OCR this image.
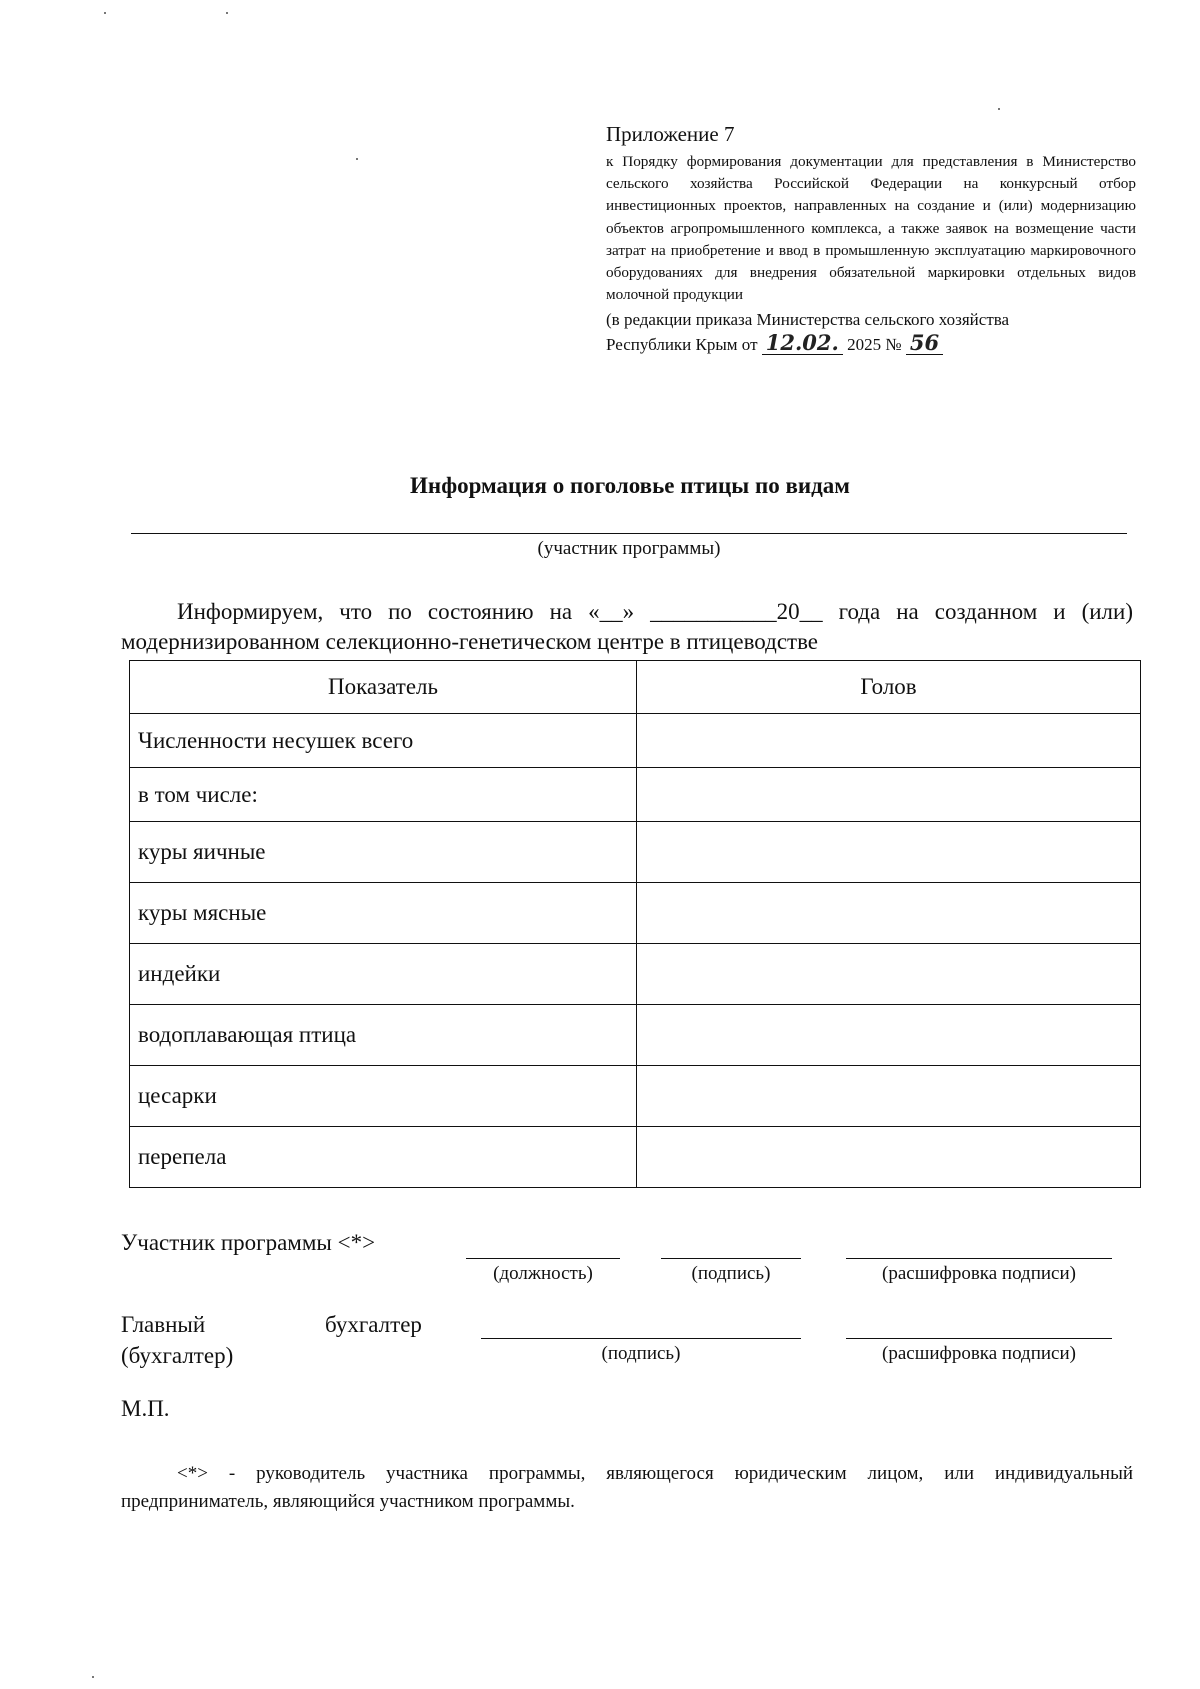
Приложение 7

к Порядку формирования документации для представления в Министерство сельского хозяйства Российской Федерации на конкурсный отбор инвестиционных проектов, направленных на создание и (или) модернизацию объектов агропромышленного комплекса, а также заявок на возмещение части затрат на приобретение и ввод в промышленную эксплуатацию маркировочного оборудованиях для внедрения обязательной маркировки отдельных видов молочной продукции

(в редакции приказа Министерства сельского хозяйства
Республики Крым от 12.02. 2025 № 56
Информация о поголовье птицы по видам
(участник программы)

Информируем, что по состоянию на «__» ___________20__ года на созданном и (или) модернизированном селекционно-генетическом центре в птицеводстве

Показатель	Голов
Численности несушек всего	
в том числе:	
куры яичные	
куры мясные	
индейки	
водоплавающая птица	
цесарки	
перепела	
Участник программы <*>
(должность)	(подпись)	(расшифровка подписи)
Главный	бухгалтер
(бухгалтер)	(подпись)	(расшифровка подписи)
М.П.

<*> - руководитель участника программы, являющегося юридическим лицом, или индивидуальный предприниматель, являющийся участником программы.
